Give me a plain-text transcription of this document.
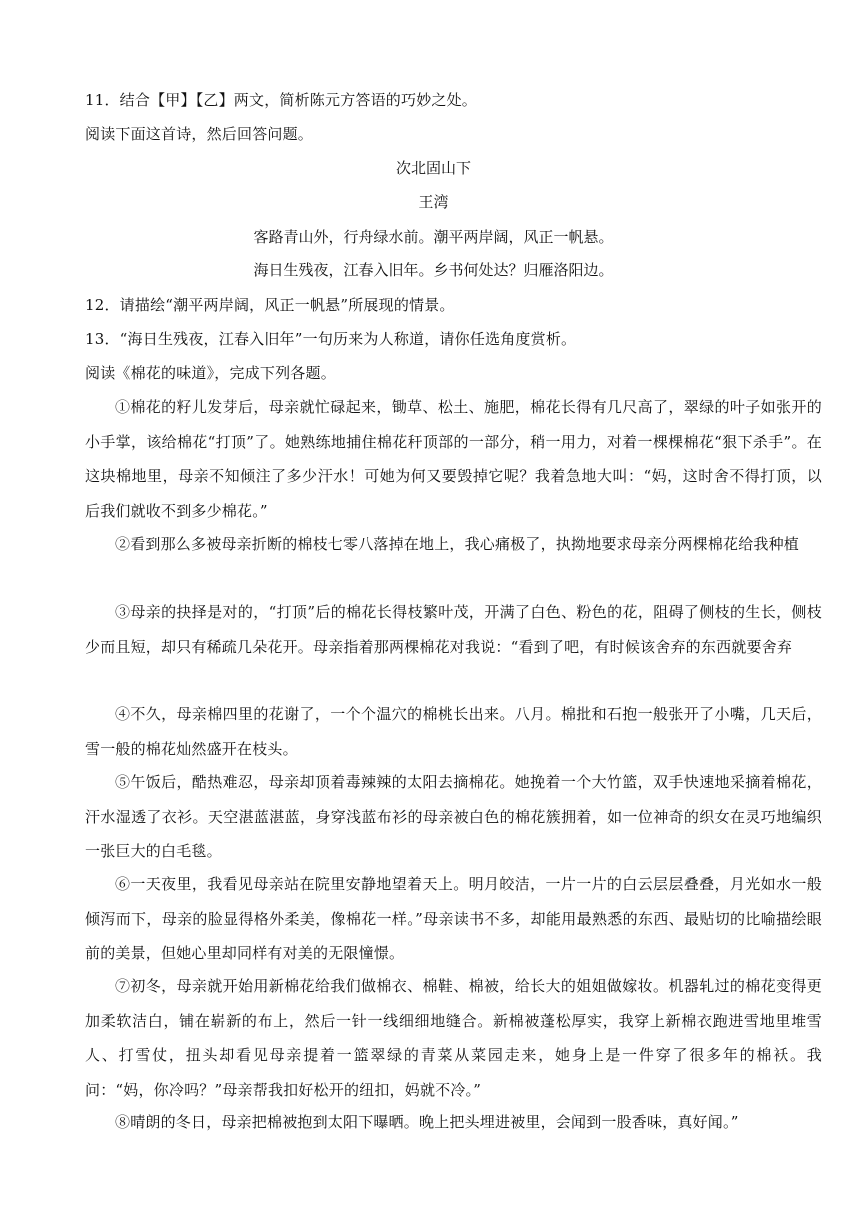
11．结合【甲】【乙】两文，简析陈元方答语的巧妙之处。
阅读下面这首诗，然后回答问题。
次北固山下
王湾
客路青山外，行舟绿水前。潮平两岸阔，风正一帆悬。
海日生残夜，江春入旧年。乡书何处达？归雁洛阳边。
12．请描绘“潮平两岸阔，风正一帆悬”所展现的情景。
13．“海日生残夜，江春入旧年”一句历来为人称道，请你任选角度赏析。
阅读《棉花的味道》，完成下列各题。
①棉花的籽儿发芽后，母亲就忙碌起来，锄草、松土、施肥，棉花长得有几尺高了，翠绿的叶子如张开的小手掌，该给棉花“打顶”了。她熟练地捕住棉花秆顶部的一部分，稍一用力，对着一棵棵棉花“狠下杀手”。在这块棉地里，母亲不知倾注了多少汗水！可她为何又要毁掉它呢？我着急地大叫：“妈，这时舍不得打顶，以后我们就收不到多少棉花。”
②看到那么多被母亲折断的棉枝七零八落掉在地上，我心痛极了，执拗地要求母亲分两棵棉花给我种植
③母亲的抉择是对的，“打顶”后的棉花长得枝繁叶茂，开满了白色、粉色的花，阻碍了侧枝的生长，侧枝少而且短，却只有稀疏几朵花开。母亲指着那两棵棉花对我说：“看到了吧，有时候该舍弃的东西就要舍弃
④不久，母亲棉四里的花谢了，一个个温穴的棉桃长出来。八月。棉批和石抱一般张开了小嘴，几天后，雪一般的棉花灿然盛开在枝头。
⑤午饭后，酷热难忍，母亲却顶着毒辣辣的太阳去摘棉花。她挽着一个大竹篮，双手快速地采摘着棉花，汗水湿透了衣衫。天空湛蓝湛蓝，身穿浅蓝布衫的母亲被白色的棉花簇拥着，如一位神奇的织女在灵巧地编织一张巨大的白毛毯。
⑥一天夜里，我看见母亲站在院里安静地望着天上。明月皎洁，一片一片的白云层层叠叠，月光如水一般倾泻而下，母亲的脸显得格外柔美，像棉花一样。”母亲读书不多，却能用最熟悉的东西、最贴切的比喻描绘眼前的美景，但她心里却同样有对美的无限憧憬。
⑦初冬，母亲就开始用新棉花给我们做棉衣、棉鞋、棉被，给长大的姐姐做嫁妆。机器轧过的棉花变得更加柔软洁白，铺在崭新的布上，然后一针一线细细地缝合。新棉被蓬松厚实，我穿上新棉衣跑进雪地里堆雪人、打雪仗，扭头却看见母亲提着一篮翠绿的青菜从菜园走来，她身上是一件穿了很多年的棉袄。我问：“妈，你冷吗？”母亲帮我扣好松开的纽扣，妈就不冷。”
⑧晴朗的冬日，母亲把棉被抱到太阳下曝晒。晚上把头埋进被里，会闻到一股香味，真好闻。”
